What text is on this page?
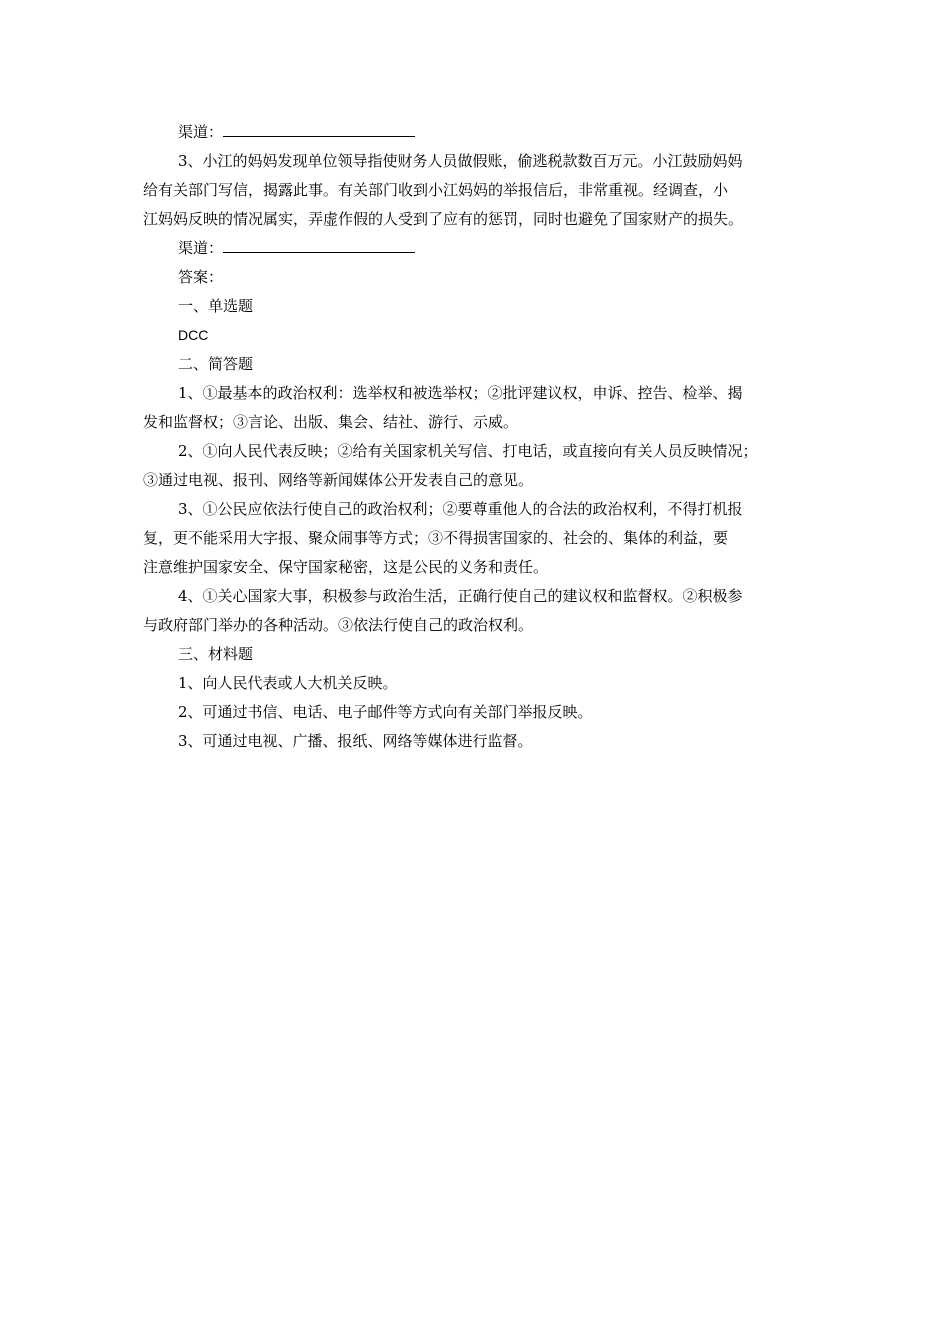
渠道：
3、小江的妈妈发现单位领导指使财务人员做假账，偷逃税款数百万元。小江鼓励妈妈
给有关部门写信，揭露此事。有关部门收到小江妈妈的举报信后，非常重视。经调查，小
江妈妈反映的情况属实，弄虚作假的人受到了应有的惩罚，同时也避免了国家财产的损失。
渠道：
答案：
一、单选题
DCC
二、简答题
1、①最基本的政治权利：选举权和被选举权；②批评建议权，申诉、控告、检举、揭
发和监督权；③言论、出版、集会、结社、游行、示威。
2、①向人民代表反映；②给有关国家机关写信、打电话，或直接向有关人员反映情况；
③通过电视、报刊、网络等新闻媒体公开发表自己的意见。
3、①公民应依法行使自己的政治权利；②要尊重他人的合法的政治权利，不得打机报
复，更不能采用大字报、聚众闹事等方式；③不得损害国家的、社会的、集体的利益，要
注意维护国家安全、保守国家秘密，这是公民的义务和责任。
4、①关心国家大事，积极参与政治生活，正确行使自己的建议权和监督权。②积极参
与政府部门举办的各种活动。③依法行使自己的政治权利。
三、材料题
1、向人民代表或人大机关反映。
2、可通过书信、电话、电子邮件等方式向有关部门举报反映。
3、可通过电视、广播、报纸、网络等媒体进行监督。
